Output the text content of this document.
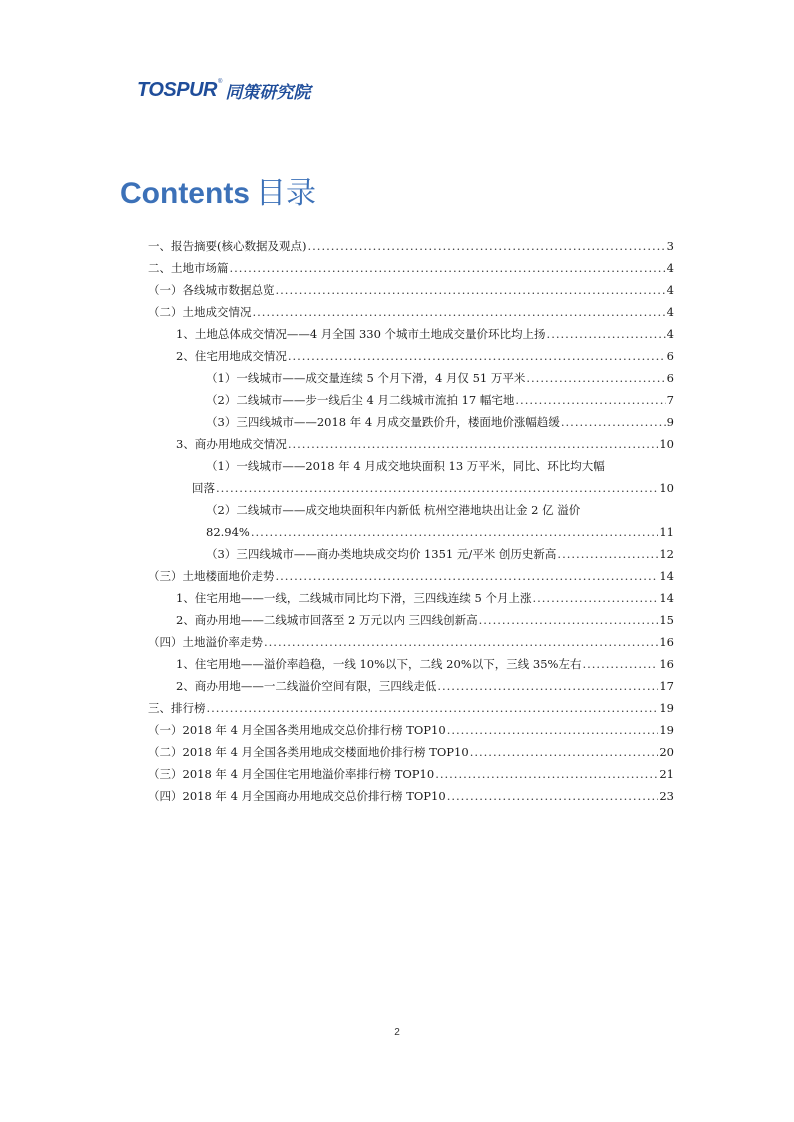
TOSPUR ®
同策研究院
Contents 目录
一、报告摘要(核心数据及观点) .....	3
二、土地市场篇 .....	4
（一）各线城市数据总览 .....	4
（二）土地成交情况 .....	4
1、土地总体成交情况——4 月全国 330 个城市土地成交量价环比均上扬 .....	4
2、住宅用地成交情况 .....	6
（1）一线城市——成交量连续 5 个月下滑，4 月仅 51 万平米 .....	6
（2）二线城市——步一线后尘 4 月二线城市流拍 17 幅宅地 .....	7
（3）三四线城市——2018 年 4 月成交量跌价升，楼面地价涨幅趋缓 .....	9
3、商办用地成交情况 .....	10
（1）一线城市——2018 年 4 月成交地块面积 13 万平米，同比、环比均大幅
回落 .....	10
（2）二线城市——成交地块面积年内新低 杭州空港地块出让金 2 亿 溢价
82.94% .....	11
（3）三四线城市——商办类地块成交均价 1351 元/平米 创历史新高 .....	12
（三）土地楼面地价走势 .....	14
1、住宅用地——一线，二线城市同比均下滑，三四线连续 5 个月上涨 .....	14
2、商办用地——二线城市回落至 2 万元以内 三四线创新高 .....	15
（四）土地溢价率走势 .....	16
1、住宅用地——溢价率趋稳，一线 10%以下，二线 20%以下，三线 35%左右 .....	16
2、商办用地——一二线溢价空间有限，三四线走低 .....	17
三、排行榜 .....	19
（一）2018 年 4 月全国各类用地成交总价排行榜 TOP10 .....	19
（二）2018 年 4 月全国各类用地成交楼面地价排行榜 TOP10 .....	20
（三）2018 年 4 月全国住宅用地溢价率排行榜 TOP10 .....	21
（四）2018 年 4 月全国商办用地成交总价排行榜 TOP10 .....	23
2
